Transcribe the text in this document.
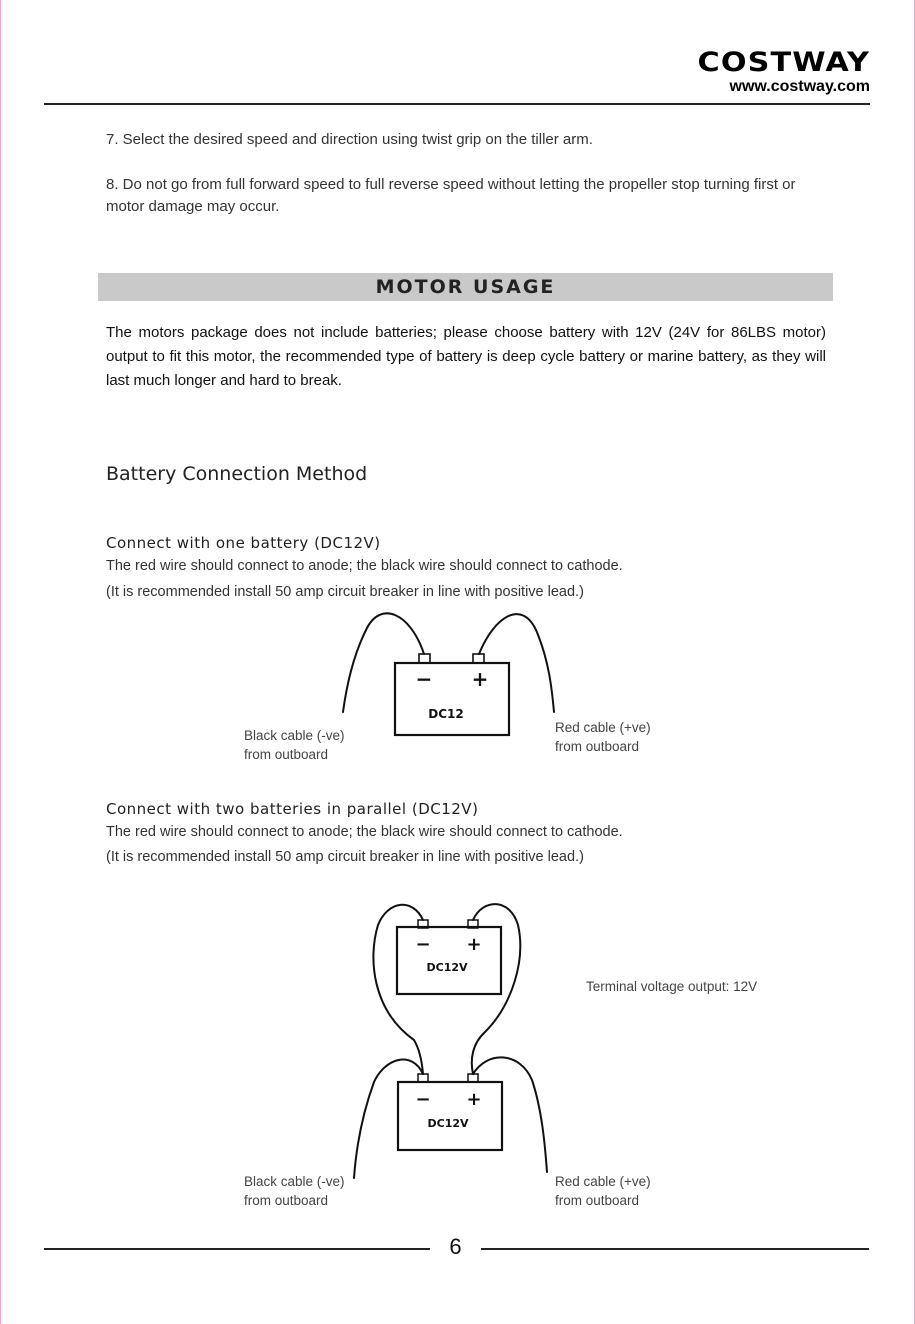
COSTWAY
www.costway.com
7. Select the desired speed and direction using twist grip on the tiller arm.
8. Do not go from full forward speed to full reverse speed without letting the propeller stop turning first or motor damage may occur.
MOTOR USAGE
The motors package does not include batteries; please choose battery with 12V (24V for 86LBS motor) output to fit this motor, the recommended type of battery is deep cycle battery or marine battery, as they will last much longer and hard to break.
Battery Connection Method
Connect with one battery (DC12V)
The red wire should connect to anode; the black wire should connect to cathode.
(It is recommended install 50 amp circuit breaker in line with positive lead.)
− +
DC12
− +
DC12V
− +
DC12V
Black cable (-ve)
from outboard
Red cable (+ve)
from outboard
Connect with two batteries in parallel (DC12V)
The red wire should connect to anode; the black wire should connect to cathode.
(It is recommended install 50 amp circuit breaker in line with positive lead.)
Terminal voltage output: 12V
Black cable (-ve)
from outboard
Red cable (+ve)
from outboard
6
